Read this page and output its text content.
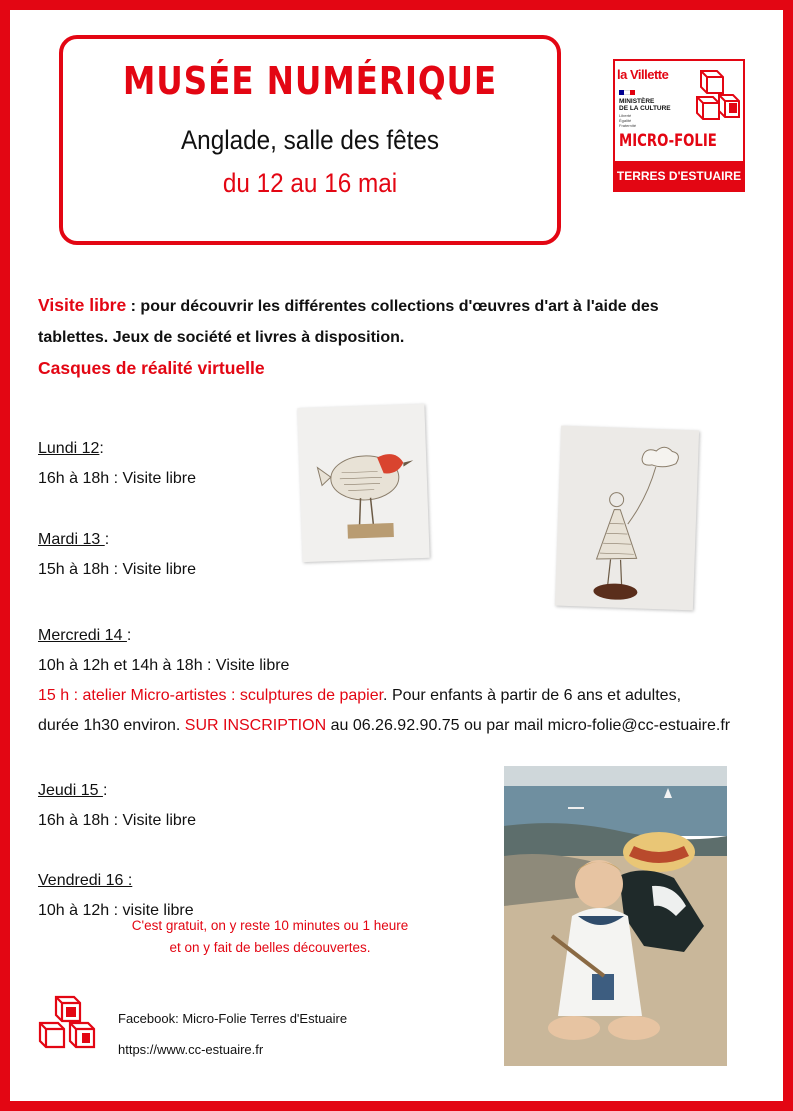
MUSÉE NUMÉRIQUE
Anglade, salle des fêtes
du 12 au 16 mai
la Villette
MINISTÈRE
DE LA CULTURE
Liberté
Égalité
Fraternité
MICRO-FOLIE
TERRES D'ESTUAIRE
Visite libre : pour découvrir les différentes collections d'œuvres d'art à l'aide des
tablettes. Jeux de société et livres à disposition.
Casques de réalité virtuelle
Lundi 12:
16h à 18h : Visite libre
Mardi 13 :
15h à 18h : Visite libre
Mercredi 14 :
10h à 12h et 14h à 18h : Visite libre
15 h : atelier Micro-artistes : sculptures de papier. Pour enfants à partir de 6 ans et adultes,
durée 1h30 environ. SUR INSCRIPTION au 06.26.92.90.75 ou par mail micro-folie@cc-estuaire.fr
Jeudi 15 :
16h à 18h : Visite libre
Vendredi 16 :
10h à 12h : visite libre
C'est gratuit, on y reste 10 minutes ou 1 heure
et on y fait de belles découvertes.
Facebook: Micro-Folie Terres d'Estuaire
https://www.cc-estuaire.fr
